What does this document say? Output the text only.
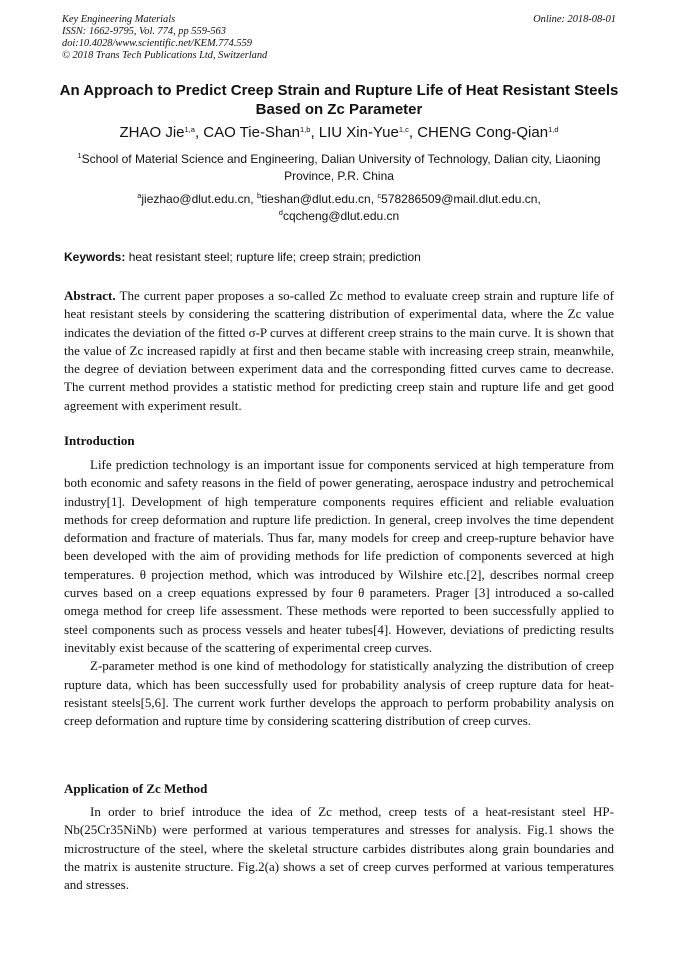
Key Engineering Materials
ISSN: 1662-9795, Vol. 774, pp 559-563
doi:10.4028/www.scientific.net/KEM.774.559
© 2018 Trans Tech Publications Ltd, Switzerland
Online: 2018-08-01
An Approach to Predict Creep Strain and Rupture Life of Heat Resistant Steels Based on Zc Parameter
ZHAO Jie$^{1,a}$, CAO Tie-Shan$^{1,b}$, LIU Xin-Yue$^{1,c}$, CHENG Cong-Qian$^{1,d}$
$^1$School of Material Science and Engineering, Dalian University of Technology, Dalian city, Liaoning Province, P.R. China
$^a$jiezhao@dlut.edu.cn, $^b$tieshan@dlut.edu.cn, $^c$578286509@mail.dlut.edu.cn,
$^d$cqcheng@dlut.edu.cn
Keywords: heat resistant steel; rupture life; creep strain; prediction
Abstract. The current paper proposes a so-called Zc method to evaluate creep strain and rupture life of heat resistant steels by considering the scattering distribution of experimental data, where the Zc value indicates the deviation of the fitted σ-P curves at different creep strains to the main curve. It is shown that the value of Zc increased rapidly at first and then became stable with increasing creep strain, meanwhile, the degree of deviation between experiment data and the corresponding fitted curves came to decrease. The current method provides a statistic method for predicting creep stain and rupture life and get good agreement with experiment result.
Introduction

Life prediction technology is an important issue for components serviced at high temperature from both economic and safety reasons in the field of power generating, aerospace industry and petrochemical industry[1]. Development of high temperature components requires efficient and reliable evaluation methods for creep deformation and rupture life prediction. In general, creep involves the time dependent deformation and fracture of materials. Thus far, many models for creep and creep-rupture behavior have been developed with the aim of providing methods for life prediction of components severced at high temperatures. θ projection method, which was introduced by Wilshire etc.[2], describes normal creep curves based on a creep equations expressed by four θ parameters. Prager [3] introduced a so-called omega method for creep life assessment. These methods were reported to been successfully applied to steel components such as process vessels and heater tubes[4]. However, deviations of predicting results inevitably exist because of the scattering of experimental creep curves.

Z-parameter method is one kind of methodology for statistically analyzing the distribution of creep rupture data, which has been successfully used for probability analysis of creep rupture data for heat-resistant steels[5,6]. The current work further develops the approach to perform probability analysis on creep deformation and rupture time by considering scattering distribution of creep curves.

Application of Zc Method

In order to brief introduce the idea of Zc method, creep tests of a heat-resistant steel HP-Nb(25Cr35NiNb) were performed at various temperatures and stresses for analysis. Fig.1 shows the microstructure of the steel, where the skeletal structure carbides distributes along grain boundaries and the matrix is austenite structure. Fig.2(a) shows a set of creep curves performed at various temperatures and stresses.
